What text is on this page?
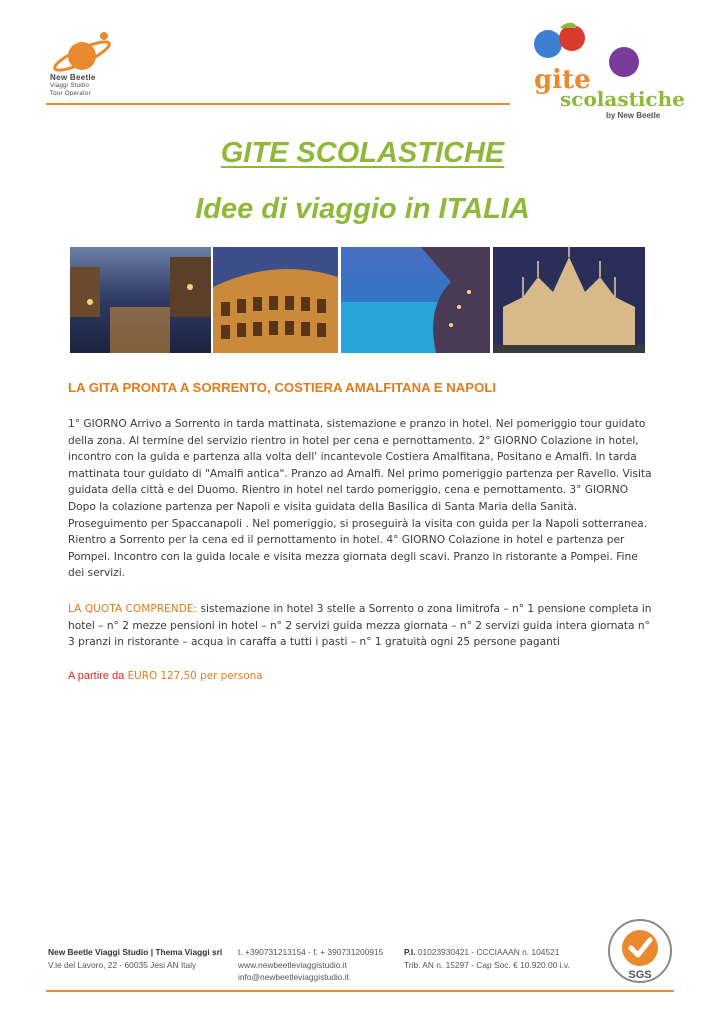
New Beetle
Viaggi Studio
Tour Operator	gite
scolastiche
by New Beetle
GITE SCOLASTICHE
Idee di viaggio in ITALIA
LA GITA PRONTA A SORRENTO, COSTIERA AMALFITANA E NAPOLI

1° GIORNO Arrivo a Sorrento in tarda mattinata, sistemazione e pranzo in hotel. Nel pomeriggio tour guidato della zona. Al termine del servizio rientro in hotel per cena e pernottamento. 2° GIORNO Colazione in hotel, incontro con la guida e partenza alla volta dell' incantevole Costiera Amalfitana, Positano e Amalfi. In tarda mattinata tour guidato di "Amalfi antica". Pranzo ad Amalfi. Nel primo pomeriggio partenza per Ravello. Visita guidata della città e del Duomo. Rientro in hotel nel tardo pomeriggio, cena e pernottamento. 3° GIORNO Dopo la colazione partenza per Napoli e visita guidata della Basilica di Santa Maria della Sanità. Proseguimento per Spaccanapoli . Nel pomeriggio, si proseguirà la visita con guida per la Napoli sotterranea. Rientro a Sorrento per la cena ed il pernottamento in hotel. 4° GIORNO Colazione in hotel e partenza per Pompei. Incontro con la guida locale e visita mezza giornata degli scavi. Pranzo in ristorante a Pompei. Fine dei servizi.

LA QUOTA COMPRENDE: sistemazione in hotel 3 stelle a Sorrento o zona limitrofa – n° 1 pensione completa in hotel – n° 2 mezze pensioni in hotel – n° 2 servizi guida mezza giornata – n° 2 servizi guida intera giornata n° 3 pranzi in ristorante – acqua in caraffa a tutti i pasti – n° 1 gratuità ogni 25 persone paganti

A partire da EURO 127,50 per persona
New Beetle Viaggi Studio | Thema Viaggi srl
V.le del Lavoro, 22 - 60035 Jesi AN Italy
t. +390731213154 - f. + 390731200915
www.newbeetleviaggistudio.it
info@newbeetleviaggistudio.it
P.I. 01023930421 - CCCIAAAN n. 104521
Trib. AN n. 15297 - Cap Soc. € 10.920.00 i.v.
SGS
